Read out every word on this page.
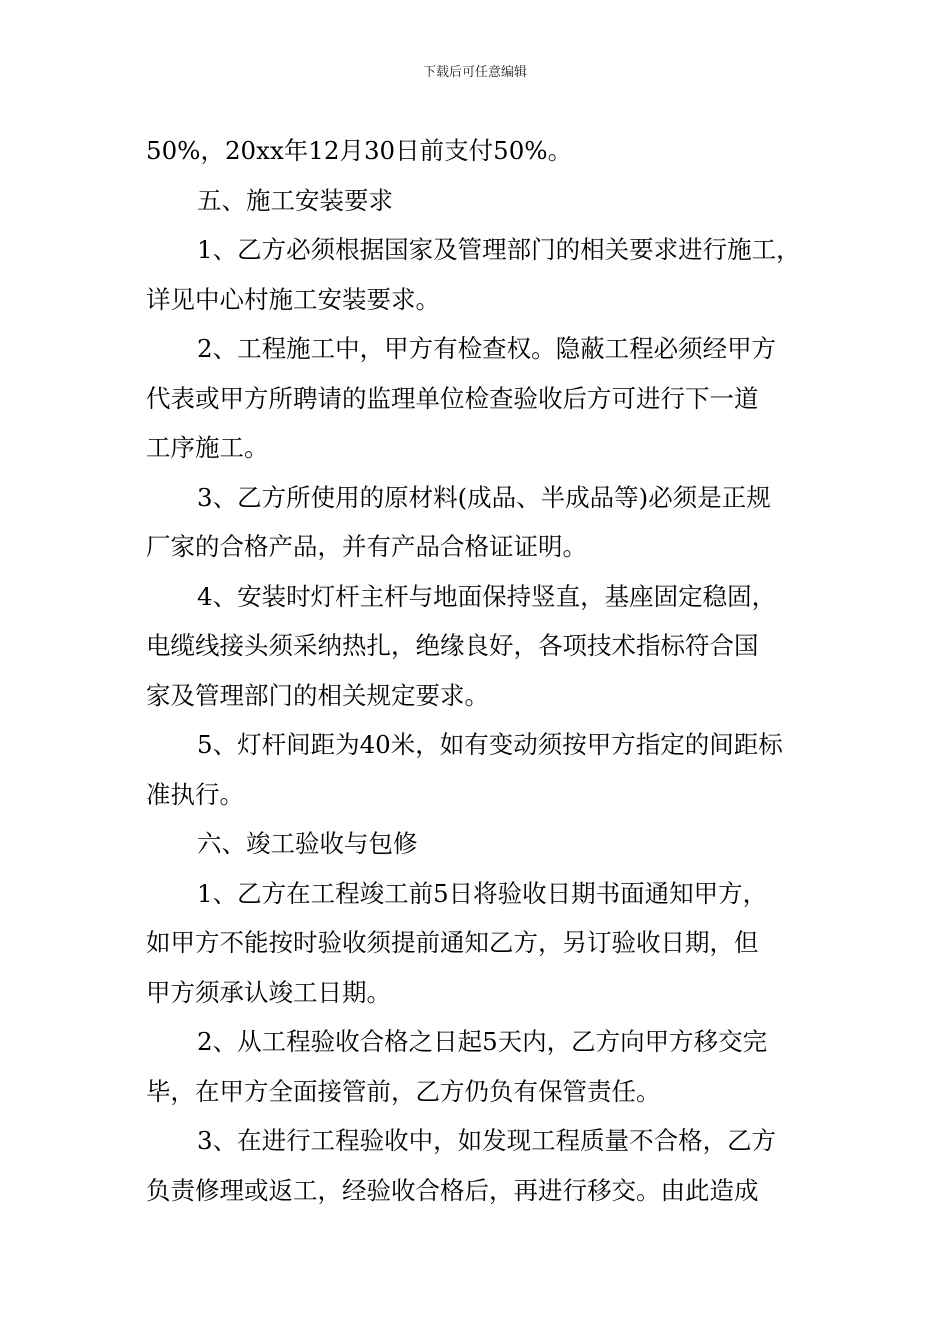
下载后可任意编辑
50%，20xx年12月30日前支付50%。
五、施工安装要求
1、乙方必须根据国家及管理部门的相关要求进行施工，
详见中心村施工安装要求。
2、工程施工中，甲方有检查权。隐蔽工程必须经甲方
代表或甲方所聘请的监理单位检查验收后方可进行下一道
工序施工。
3、乙方所使用的原材料(成品、半成品等)必须是正规
厂家的合格产品，并有产品合格证证明。
4、安装时灯杆主杆与地面保持竖直，基座固定稳固，
电缆线接头须采纳热扎，绝缘良好，各项技术指标符合国
家及管理部门的相关规定要求。
5、灯杆间距为40米，如有变动须按甲方指定的间距标
准执行。
六、竣工验收与包修
1、乙方在工程竣工前5日将验收日期书面通知甲方，
如甲方不能按时验收须提前通知乙方，另订验收日期，但
甲方须承认竣工日期。
2、从工程验收合格之日起5天内，乙方向甲方移交完
毕，在甲方全面接管前，乙方仍负有保管责任。
3、在进行工程验收中，如发现工程质量不合格，乙方
负责修理或返工，经验收合格后，再进行移交。由此造成
